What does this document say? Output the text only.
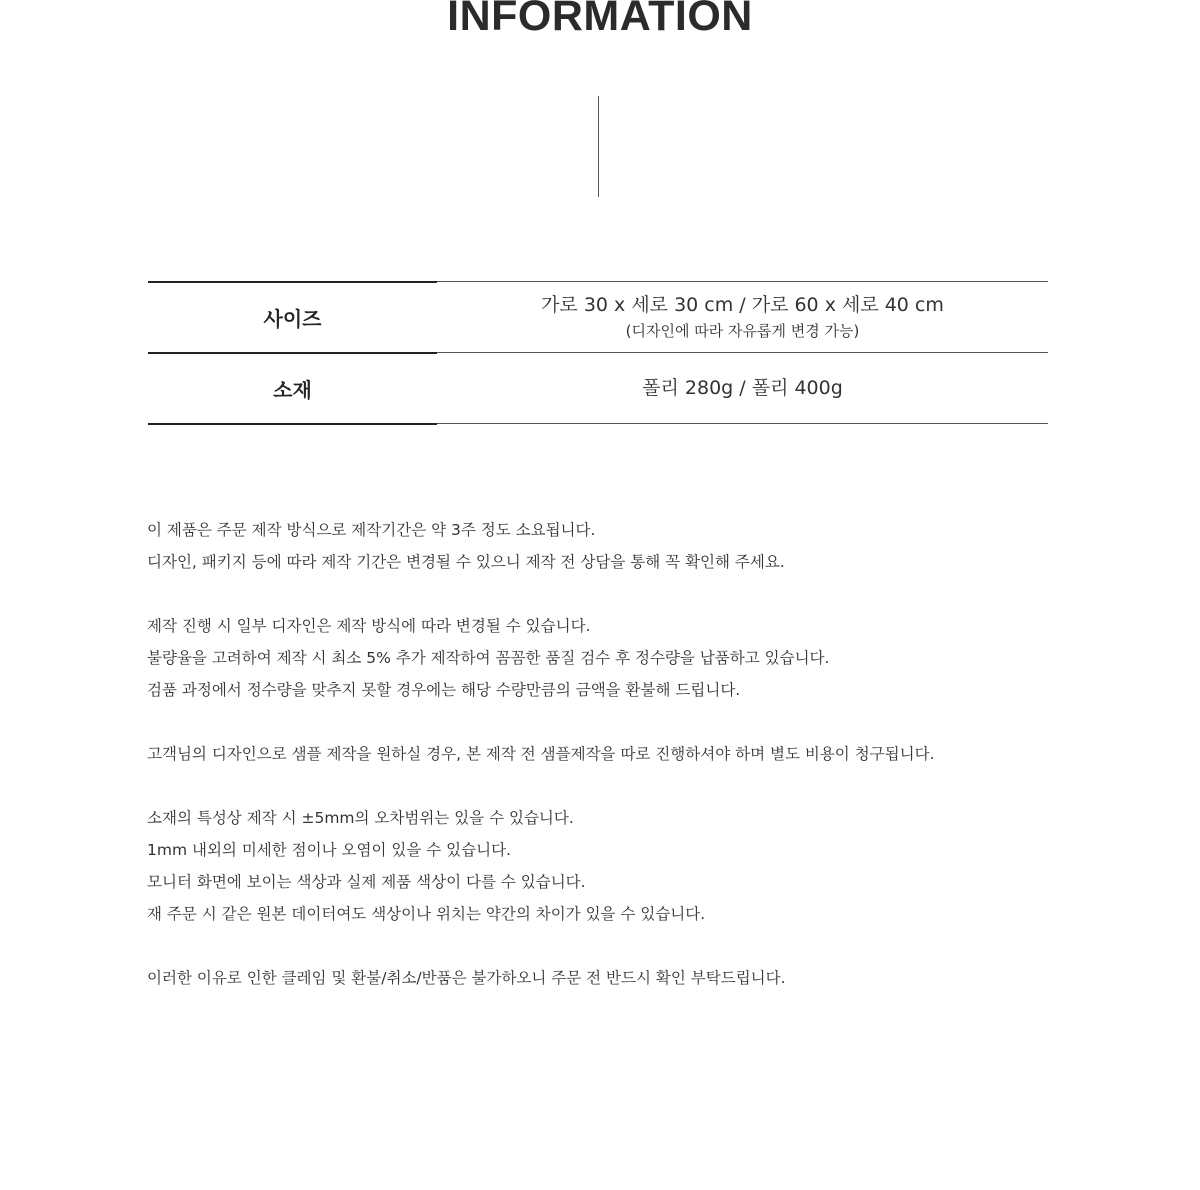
INFORMATION
사이즈
가로 30 x 세로 30 cm / 가로 60 x 세로 40 cm
(디자인에 따라 자유롭게 변경 가능)
소재	폴리 280g / 폴리 400g
이 제품은 주문 제작 방식으로 제작기간은 약 3주 정도 소요됩니다.
디자인, 패키지 등에 따라 제작 기간은 변경될 수 있으니 제작 전 상담을 통해 꼭 확인해 주세요.
제작 진행 시 일부 디자인은 제작 방식에 따라 변경될 수 있습니다.
불량율을 고려하여 제작 시 최소 5% 추가 제작하여 꼼꼼한 품질 검수 후 정수량을 납품하고 있습니다.
검품 과정에서 정수량을 맞추지 못할 경우에는 해당 수량만큼의 금액을 환불해 드립니다.
고객님의 디자인으로 샘플 제작을 원하실 경우, 본 제작 전 샘플제작을 따로 진행하셔야 하며 별도 비용이 청구됩니다.
소재의 특성상 제작 시 ±5mm의 오차범위는 있을 수 있습니다.
1mm 내외의 미세한 점이나 오염이 있을 수 있습니다.
모니터 화면에 보이는 색상과 실제 제품 색상이 다를 수 있습니다.
재 주문 시 같은 원본 데이터여도 색상이나 위치는 약간의 차이가 있을 수 있습니다.
이러한 이유로 인한 클레임 및 환불/취소/반품은 불가하오니 주문 전 반드시 확인 부탁드립니다.
